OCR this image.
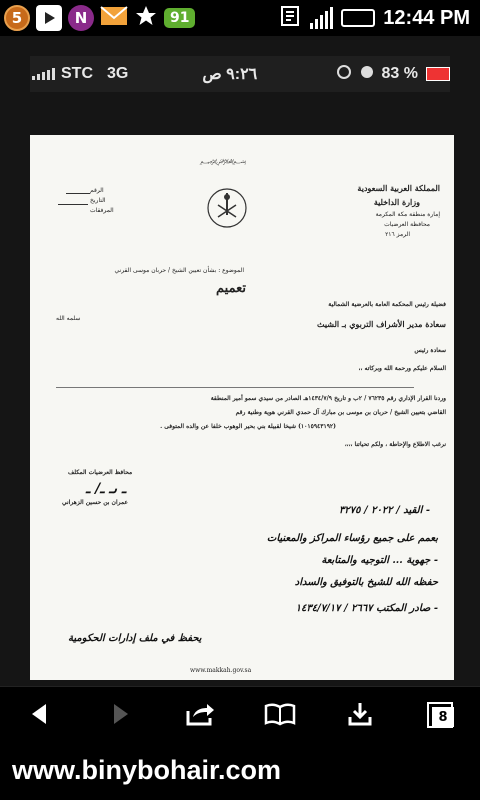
5	N	91	12:44 PM
STC 3G	٩:٢٦ ص	83 %
﷽
المملكة العربية السعودية
وزارة الداخلية
إمارة منطقة مكة المكرمة
محافظة العرضيات
الرمز ٢١٦
الرقم
التاريخ
المرفقات
الموضوع : بشأن تعيين الشيخ / حربان موسى القرني
تعميم
فضيلة رئيس المحكمة العامة بالعرضية الشمالية
سلمه الله
سعادة مدير الأشراف التربوي بـ الشيث
سعادة رئيس
السلام عليكم ورحمة الله وبركاته ،،
وردنا القرار الإداري رقم ٧٦٢٣٥ / ٢ب و تاريخ ١٤٣٤/٧/٩هـ الصادر من سيدي سمو أمير المنطقة
القاضي بتعيين الشيخ / حربان بن موسى بن مبارك آل حمدي القرني هوية وطنية رقم
(١٠١٥٩٤٣١٩٢) شيخا لقبيلة بني بحير الوهوب خلفا عن والده المتوفى .
نرغب الاطلاع والإحاطة ، ولكم تحياتنا ،،،،
محافظ العرضيات المكلف
ـ ىـ ـ/ ـ
عمران بن حسين الزهراني
- القيد / ٢٠٢٢ / ٣٢٧٥
بعمم على جميع رؤساء المراكز والمعنيات
- جهوية ... التوجيه والمتابعة
حفظه الله للشيخ بالتوفيق والسداد
- صادر المكتب ٢٦٦٧ / ١٤٣٤/٧/١٧
يحفظ في ملف إدارات الحكومية
www.makkah.gov.sa
8
www.binybohair.com
